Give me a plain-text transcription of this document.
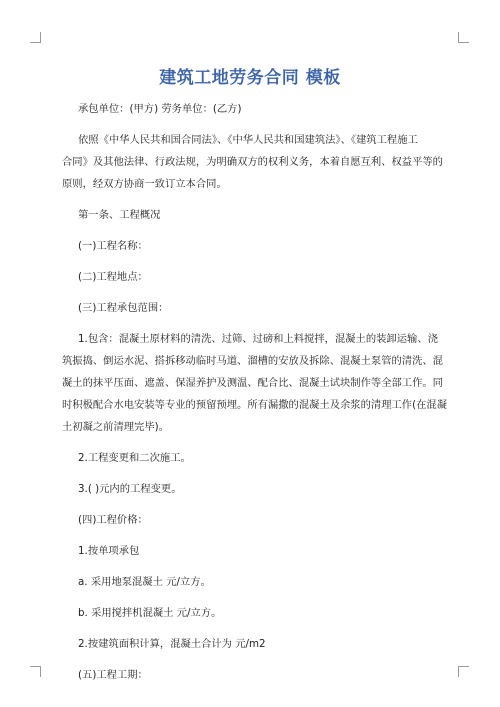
建筑工地劳务合同 模板
承包单位：(甲方) 劳务单位：(乙方)
依照《中华人民共和国合同法》、《中华人民共和国建筑法》、《建筑工程施工
合同》及其他法律、行政法规，为明确双方的权利义务，本着自愿互利、权益平等的
原则，经双方协商一致订立本合同。
第一条、工程概况
(一)工程名称：
(二)工程地点：
(三)工程承包范围：
1.包含：混凝土原材料的清洗、过筛、过磅和上料搅拌，混凝土的装卸运输、浇
筑振捣、倒运水泥、搭拆移动临时马道、溜槽的安放及拆除、混凝土泵管的清洗、混
凝土的抹平压面、遮盖、保湿养护及测温、配合比、混凝土试块制作等全部工作。同
时积极配合水电安装等专业的预留预埋。所有漏撒的混凝土及余浆的清理工作(在混凝
土初凝之前清理完毕)。
2.工程变更和二次施工。
3.( )元内的工程变更。
(四)工程价格：
1.按单项承包
a. 采用地泵混凝土 元/立方。
b. 采用搅拌机混凝土 元/立方。
2.按建筑面积计算，混凝土合计为 元/m2
(五)工程工期：
